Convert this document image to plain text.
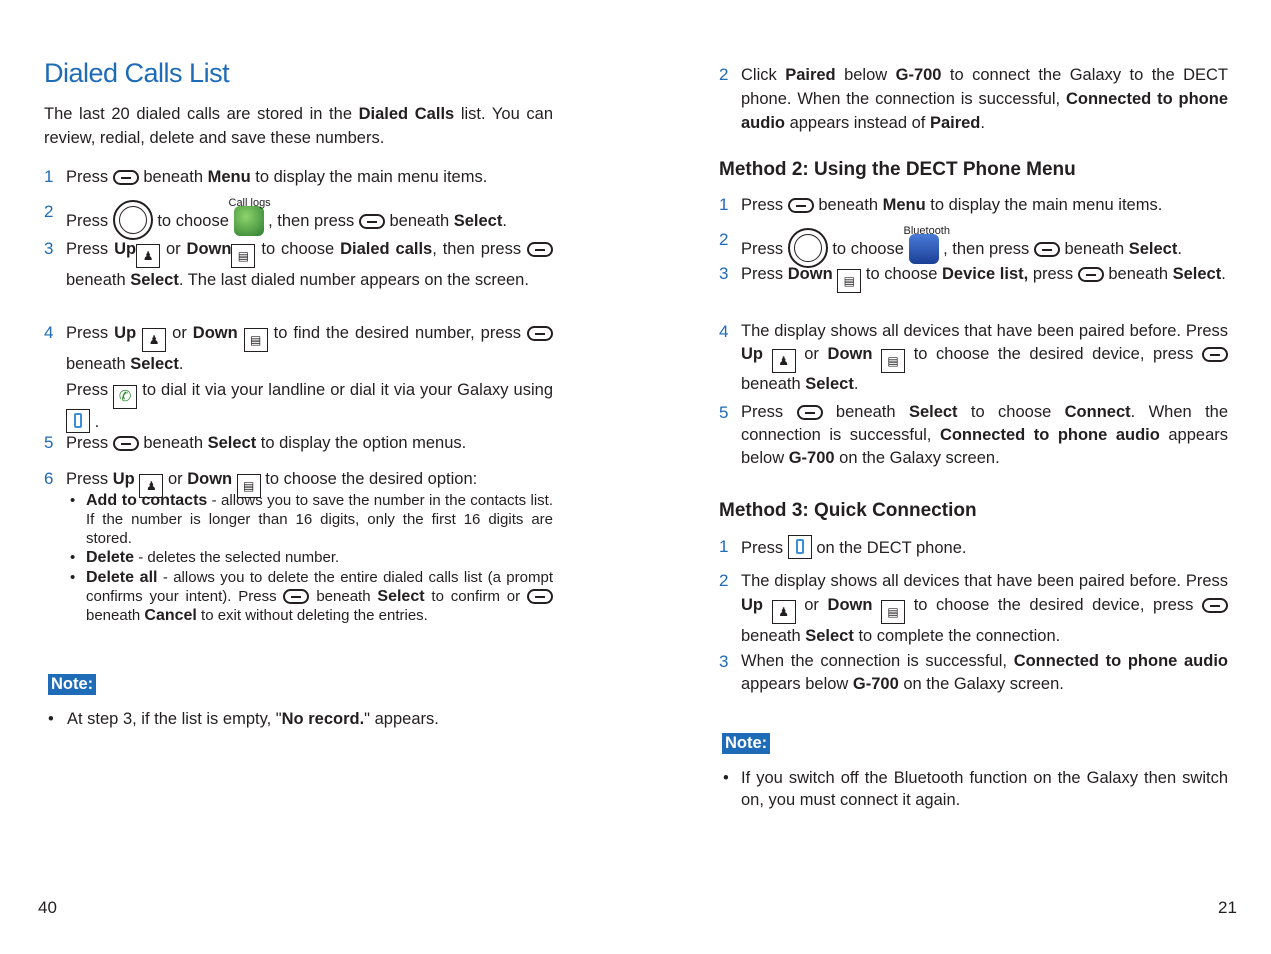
Dialed Calls List
The last 20 dialed calls are stored in the Dialed Calls list. You can review, redial, delete and save these numbers.
1 Press  beneath Menu to display the main menu items.
2 Press  to choose
Call logs
, then press  beneath Select.
3 Press Up ♟ or Down ▤ to choose Dialed calls, then press  beneath Select. The last dialed number appears on the screen.
4 Press Up ♟ or Down ▤ to find the desired number, press  beneath Select.
Press ✆ to dial it via your landline or dial it via your Galaxy using  .
5 Press  beneath Select to display the option menus.
6 Press Up ♟ or Down ▤ to choose the desired option:
• Add to contacts - allows you to save the number in the contacts list. If the number is longer than 16 digits, only the first 16 digits are stored.
• Delete - deletes the selected number.
• Delete all - allows you to delete the entire dialed calls list (a prompt confirms your intent). Press  beneath Select to confirm or  beneath Cancel to exit without deleting the entries.
Note:
• At step 3, if the list is empty, "No record." appears.
40
2 Click Paired below G-700 to connect the Galaxy to the DECT phone. When the connection is successful, Connected to phone audio appears instead of Paired.
Method 2: Using the DECT Phone Menu
1 Press  beneath Menu to display the main menu items.
2 Press  to choose
Bluetooth
, then press  beneath Select.
3 Press Down ▤ to choose Device list, press  beneath Select.
4 The display shows all devices that have been paired before. Press Up ♟ or Down ▤ to choose the desired device, press  beneath Select.
5 Press  beneath Select to choose Connect. When the connection is successful, Connected to phone audio appears below G-700 on the Galaxy screen.
Method 3: Quick Connection
1 Press  on the DECT phone.
2 The display shows all devices that have been paired before. Press Up ♟ or Down ▤ to choose the desired device, press  beneath Select to complete the connection.
3 When the connection is successful, Connected to phone audio appears below G-700 on the Galaxy screen.
Note:
• If you switch off the Bluetooth function on the Galaxy then switch on, you must connect it again.
21
